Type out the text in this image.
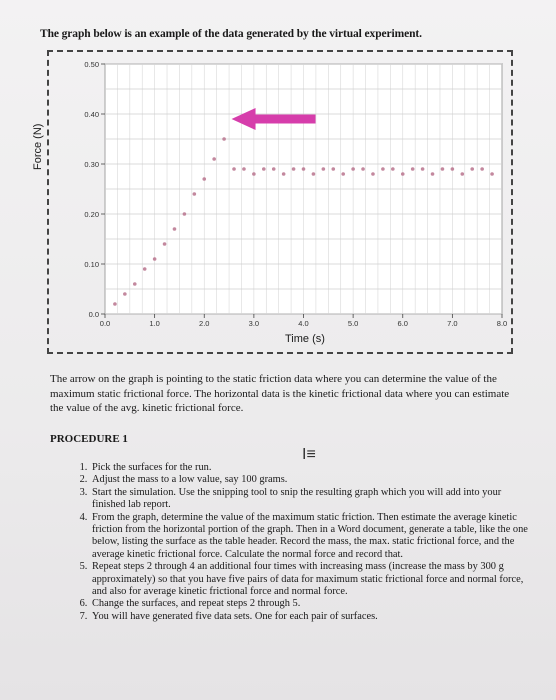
The graph below is an example of the data generated by the virtual experiment.
0.0	1.0	2.0	3.0	4.0	5.0	6.0	7.0	8.0
0.0
0.10
0.20
0.30
0.40
0.50
Force (N)
Time (s)
The arrow on the graph is pointing to the static friction data where you can determine the value of the maximum static frictional force. The horizontal data is the kinetic frictional data where you can estimate the value of the avg. kinetic frictional force.
PROCEDURE 1
I≡
1. Pick the surfaces for the run.
2. Adjust the mass to a low value, say 100 grams.
3. Start the simulation. Use the snipping tool to snip the resulting graph which you will add into your finished lab report.
4. From the graph, determine the value of the maximum static friction. Then estimate the average kinetic friction from the horizontal portion of the graph. Then in a Word document, generate a table, like the one below, listing the surface as the table header. Record the mass, the max. static frictional force, and the average kinetic frictional force. Calculate the normal force and record that.
5. Repeat steps 2 through 4 an additional four times with increasing mass (increase the mass by 300 g approximately) so that you have five pairs of data for maximum static frictional force and normal force, and also for average kinetic frictional force and normal force.
6. Change the surfaces, and repeat steps 2 through 5.
7. You will have generated five data sets. One for each pair of surfaces.
